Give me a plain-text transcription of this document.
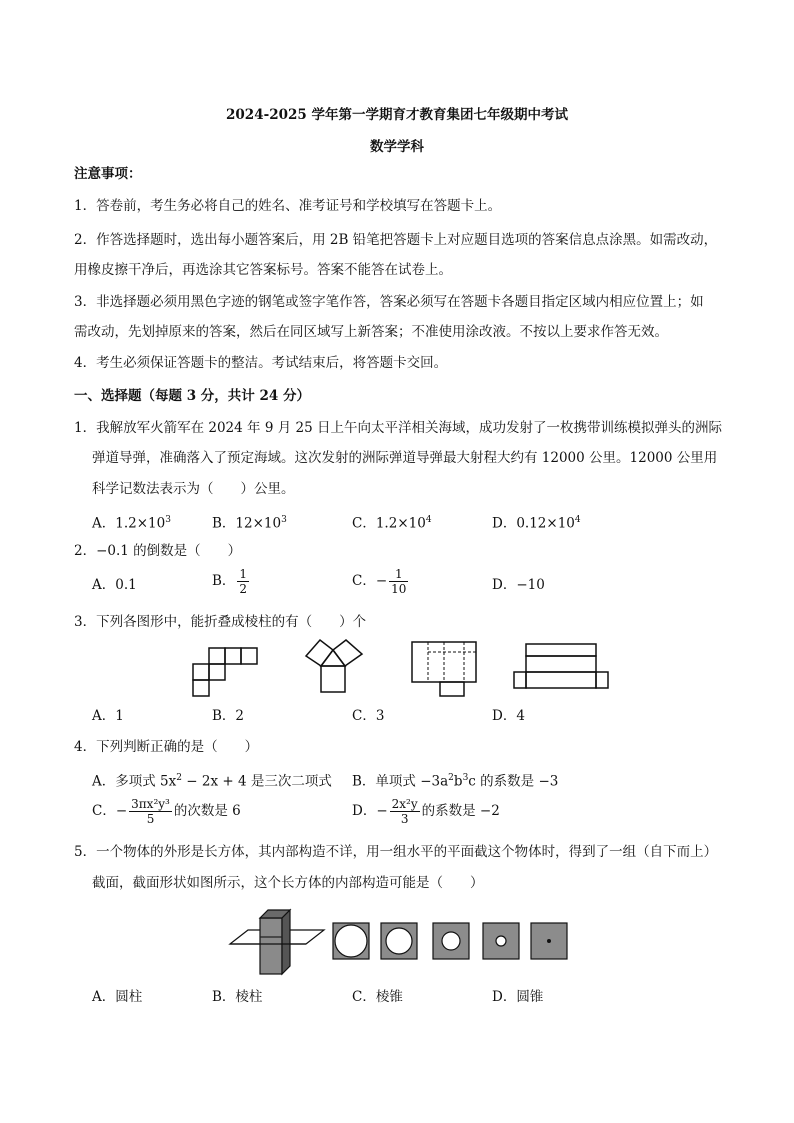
2024-2025 学年第一学期育才教育集团七年级期中考试
数学学科
注意事项：
1．答卷前，考生务必将自己的姓名、准考证号和学校填写在答题卡上。
2．作答选择题时，选出每小题答案后，用 2B 铅笔把答题卡上对应题目选项的答案信息点涂黑。如需改动，
用橡皮擦干净后，再选涂其它答案标号。答案不能答在试卷上。
3．非选择题必须用黑色字迹的钢笔或签字笔作答，答案必须写在答题卡各题目指定区域内相应位置上；如
需改动，先划掉原来的答案，然后在同区域写上新答案；不准使用涂改液。不按以上要求作答无效。
4．考生必须保证答题卡的整洁。考试结束后，将答题卡交回。
一、选择题（每题 3 分，共计 24 分）
1．我解放军火箭军在 2024 年 9 月 25 日上午向太平洋相关海域，成功发射了一枚携带训练模拟弹头的洲际
弹道导弹，准确落入了预定海域。这次发射的洲际弹道导弹最大射程大约有 12000 公里。12000 公里用
科学记数法表示为（　　）公里。
A．$1.2\times 10^3$	B．$12\times 10^3$	C．$1.2\times 10^4$	D．$0.12\times 10^4$
2．−0.1 的倒数是（　　）
A．0.1	B． $\frac{1}{2}$	C．− $\frac{1}{10}$	D．−10
3．下列各图形中，能折叠成棱柱的有（　　）个
A．1	B．2	C．3	D．4
4．下列判断正确的是（　　）
A．多项式 $5x^2 - 2x + 4$ 是三次二项式 B．单项式 $-3a^2b^3c$ 的系数是 −3
C．− $\frac{\text{3πx²y³}}{5}$ 的次数是 6	D．− $\frac{\text{2x²y}}{3}$ 的系数是 −2
5．一个物体的外形是长方体，其内部构造不详，用一组水平的平面截这个物体时，得到了一组（自下而上）
截面，截面形状如图所示，这个长方体的内部构造可能是（　　）
A．圆柱	B．棱柱	C．棱锥	D．圆锥
